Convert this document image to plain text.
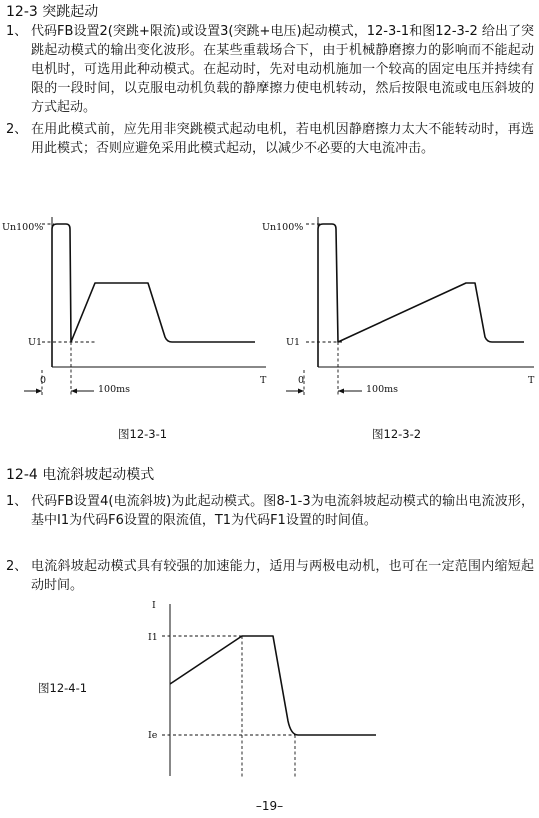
12-3 突跳起动
1、 代码FB设置2(突跳+限流)或设置3(突跳+电压)起动模式，12-3-1和图12-3-2 给出了突跳起动模式的输出变化波形。在某些重载场合下，由于机械静磨擦力的影响而不能起动电机时，可选用此种动模式。在起动时，先对电动机施加一个较高的固定电压并持续有限的一段时间，以克服电动机负载的静摩擦力使电机转动，然后按限电流或电压斜坡的方式起动。
2、 在用此模式前，应先用非突跳模式起动电机，若电机因静磨擦力太大不能转动时，再选用此模式；否则应避免采用此模式起动，以减少不必要的大电流冲击。
Un100%
U1
0	T
100ms
图12-3-1
Un100%
U1
0	T
100ms
图12-3-2
12-4 电流斜坡起动模式
1、 代码FB设置4(电流斜坡)为此起动模式。图8-1-3为电流斜坡起动模式的输出电流波形，基中I1为代码F6设置的限流值，T1为代码F1设置的时间值。
2、 电流斜坡起动模式具有较强的加速能力，适用与两极电动机，也可在一定范围内缩短起动时间。
图12-4-1
I
I1
Ie
–19–
